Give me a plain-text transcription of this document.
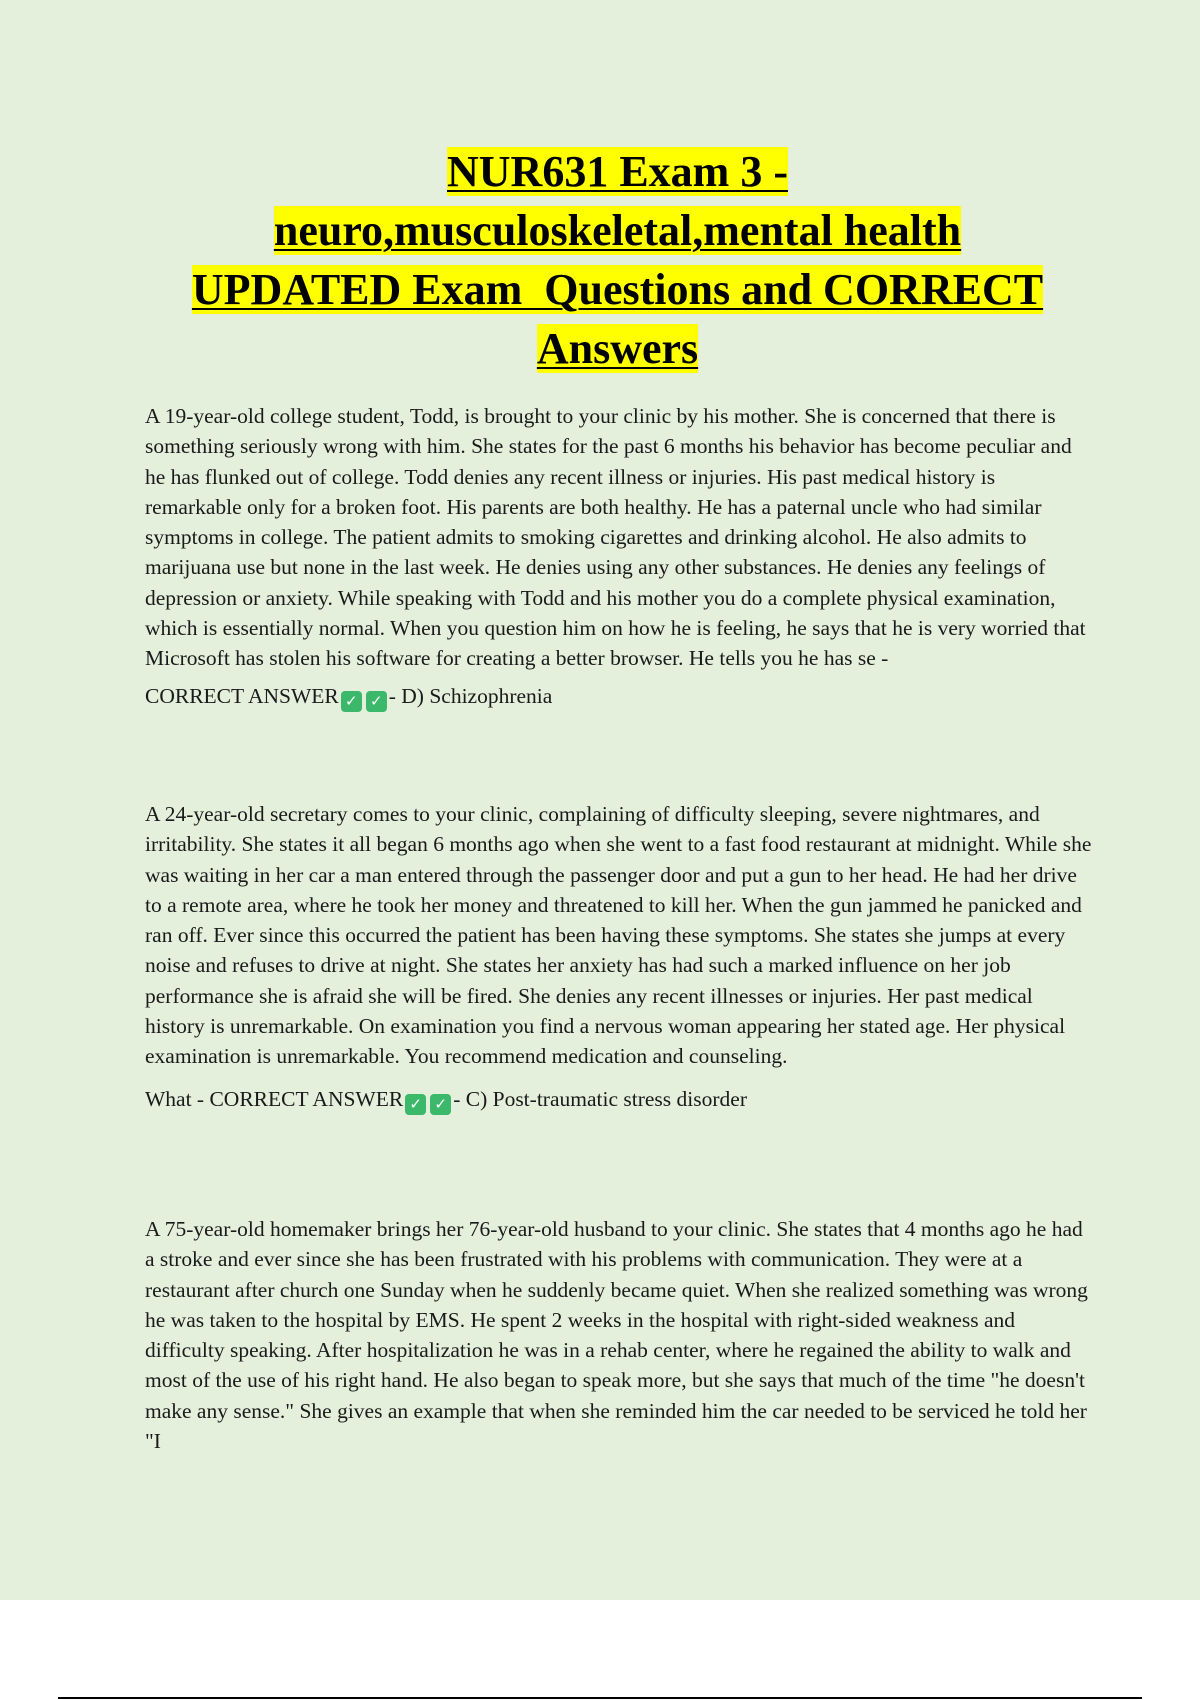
NUR631 Exam 3 -
neuro,musculoskeletal,mental health
UPDATED Exam  Questions and CORRECT
Answers

A 19-year-old college student, Todd, is brought to your clinic by his mother. She is concerned that there is something seriously wrong with him. She states for the past 6 months his behavior has become peculiar and he has flunked out of college. Todd denies any recent illness or injuries. His past medical history is remarkable only for a broken foot. His parents are both healthy. He has a paternal uncle who had similar symptoms in college. The patient admits to smoking cigarettes and drinking alcohol. He also admits to marijuana use but none in the last week. He denies using any other substances. He denies any feelings of depression or anxiety. While speaking with Todd and his mother you do a complete physical examination, which is essentially normal. When you question him on how he is feeling, he says that he is very worried that Microsoft has stolen his software for creating a better browser. He tells you he has se -

CORRECT ANSWER ✓ ✓ - D) Schizophrenia

A 24-year-old secretary comes to your clinic, complaining of difficulty sleeping, severe nightmares, and irritability. She states it all began 6 months ago when she went to a fast food restaurant at midnight. While she was waiting in her car a man entered through the passenger door and put a gun to her head. He had her drive to a remote area, where he took her money and threatened to kill her. When the gun jammed he panicked and ran off. Ever since this occurred the patient has been having these symptoms. She states she jumps at every noise and refuses to drive at night. She states her anxiety has had such a marked influence on her job performance she is afraid she will be fired. She denies any recent illnesses or injuries. Her past medical history is unremarkable. On examination you find a nervous woman appearing her stated age. Her physical examination is unremarkable. You recommend medication and counseling.

What - CORRECT ANSWER ✓ ✓ - C) Post-traumatic stress disorder

A 75-year-old homemaker brings her 76-year-old husband to your clinic. She states that 4 months ago he had a stroke and ever since she has been frustrated with his problems with communication. They were at a restaurant after church one Sunday when he suddenly became quiet. When she realized something was wrong he was taken to the hospital by EMS. He spent 2 weeks in the hospital with right-sided weakness and difficulty speaking. After hospitalization he was in a rehab center, where he regained the ability to walk and most of the use of his right hand. He also began to speak more, but she says that much of the time "he doesn't make any sense." She gives an example that when she reminded him the car needed to be serviced he told her "I
